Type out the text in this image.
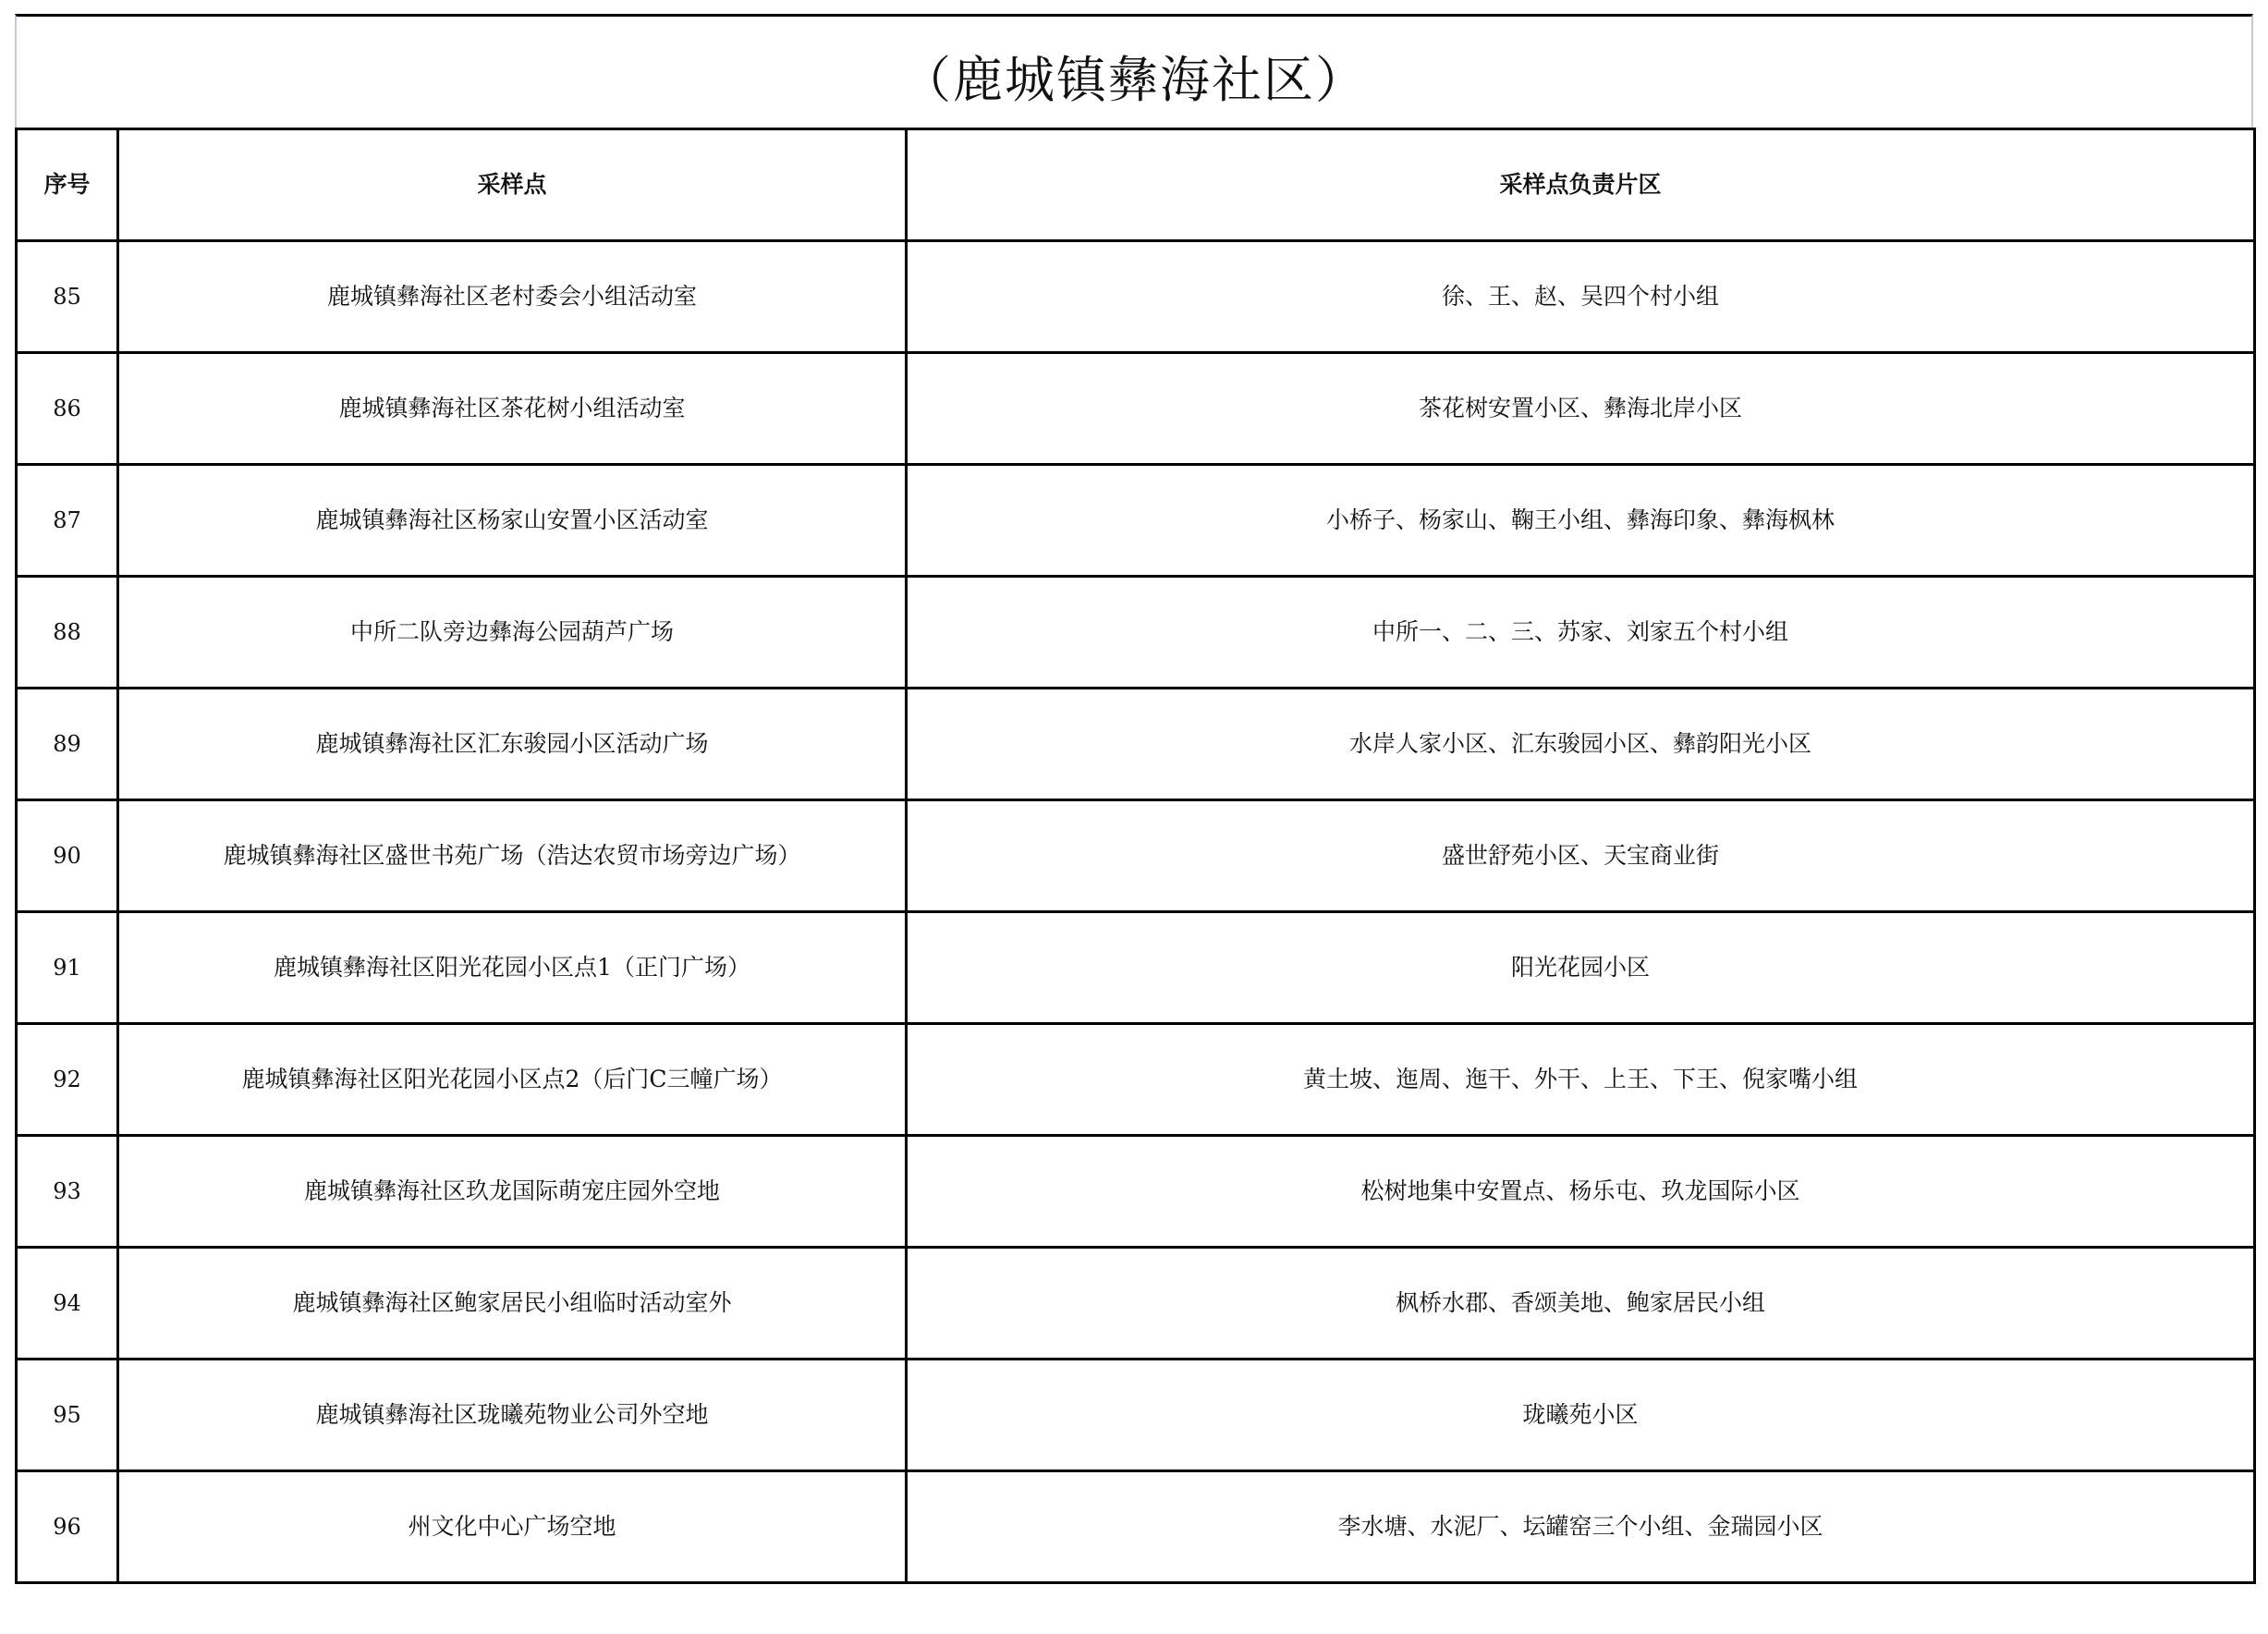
（鹿城镇彝海社区）
序号	采样点	采样点负责片区
85	鹿城镇彝海社区老村委会小组活动室	徐、王、赵、吴四个村小组
86	鹿城镇彝海社区茶花树小组活动室	茶花树安置小区、彝海北岸小区
87	鹿城镇彝海社区杨家山安置小区活动室	小桥子、杨家山、鞠王小组、彝海印象、彝海枫林
88	中所二队旁边彝海公园葫芦广场	中所一、二、三、苏家、刘家五个村小组
89	鹿城镇彝海社区汇东骏园小区活动广场	水岸人家小区、汇东骏园小区、彝韵阳光小区
90	鹿城镇彝海社区盛世书苑广场（浩达农贸市场旁边广场）	盛世舒苑小区、天宝商业街
91	鹿城镇彝海社区阳光花园小区点1（正门广场）	阳光花园小区
92	鹿城镇彝海社区阳光花园小区点2（后门C三幢广场）	黄土坡、迤周、迤干、外干、上王、下王、倪家嘴小组
93	鹿城镇彝海社区玖龙国际萌宠庄园外空地	松树地集中安置点、杨乐屯、玖龙国际小区
94	鹿城镇彝海社区鲍家居民小组临时活动室外	枫桥水郡、香颂美地、鲍家居民小组
95	鹿城镇彝海社区珑曦苑物业公司外空地	珑曦苑小区
96	州文化中心广场空地	李水塘、水泥厂、坛罐窑三个小组、金瑞园小区
